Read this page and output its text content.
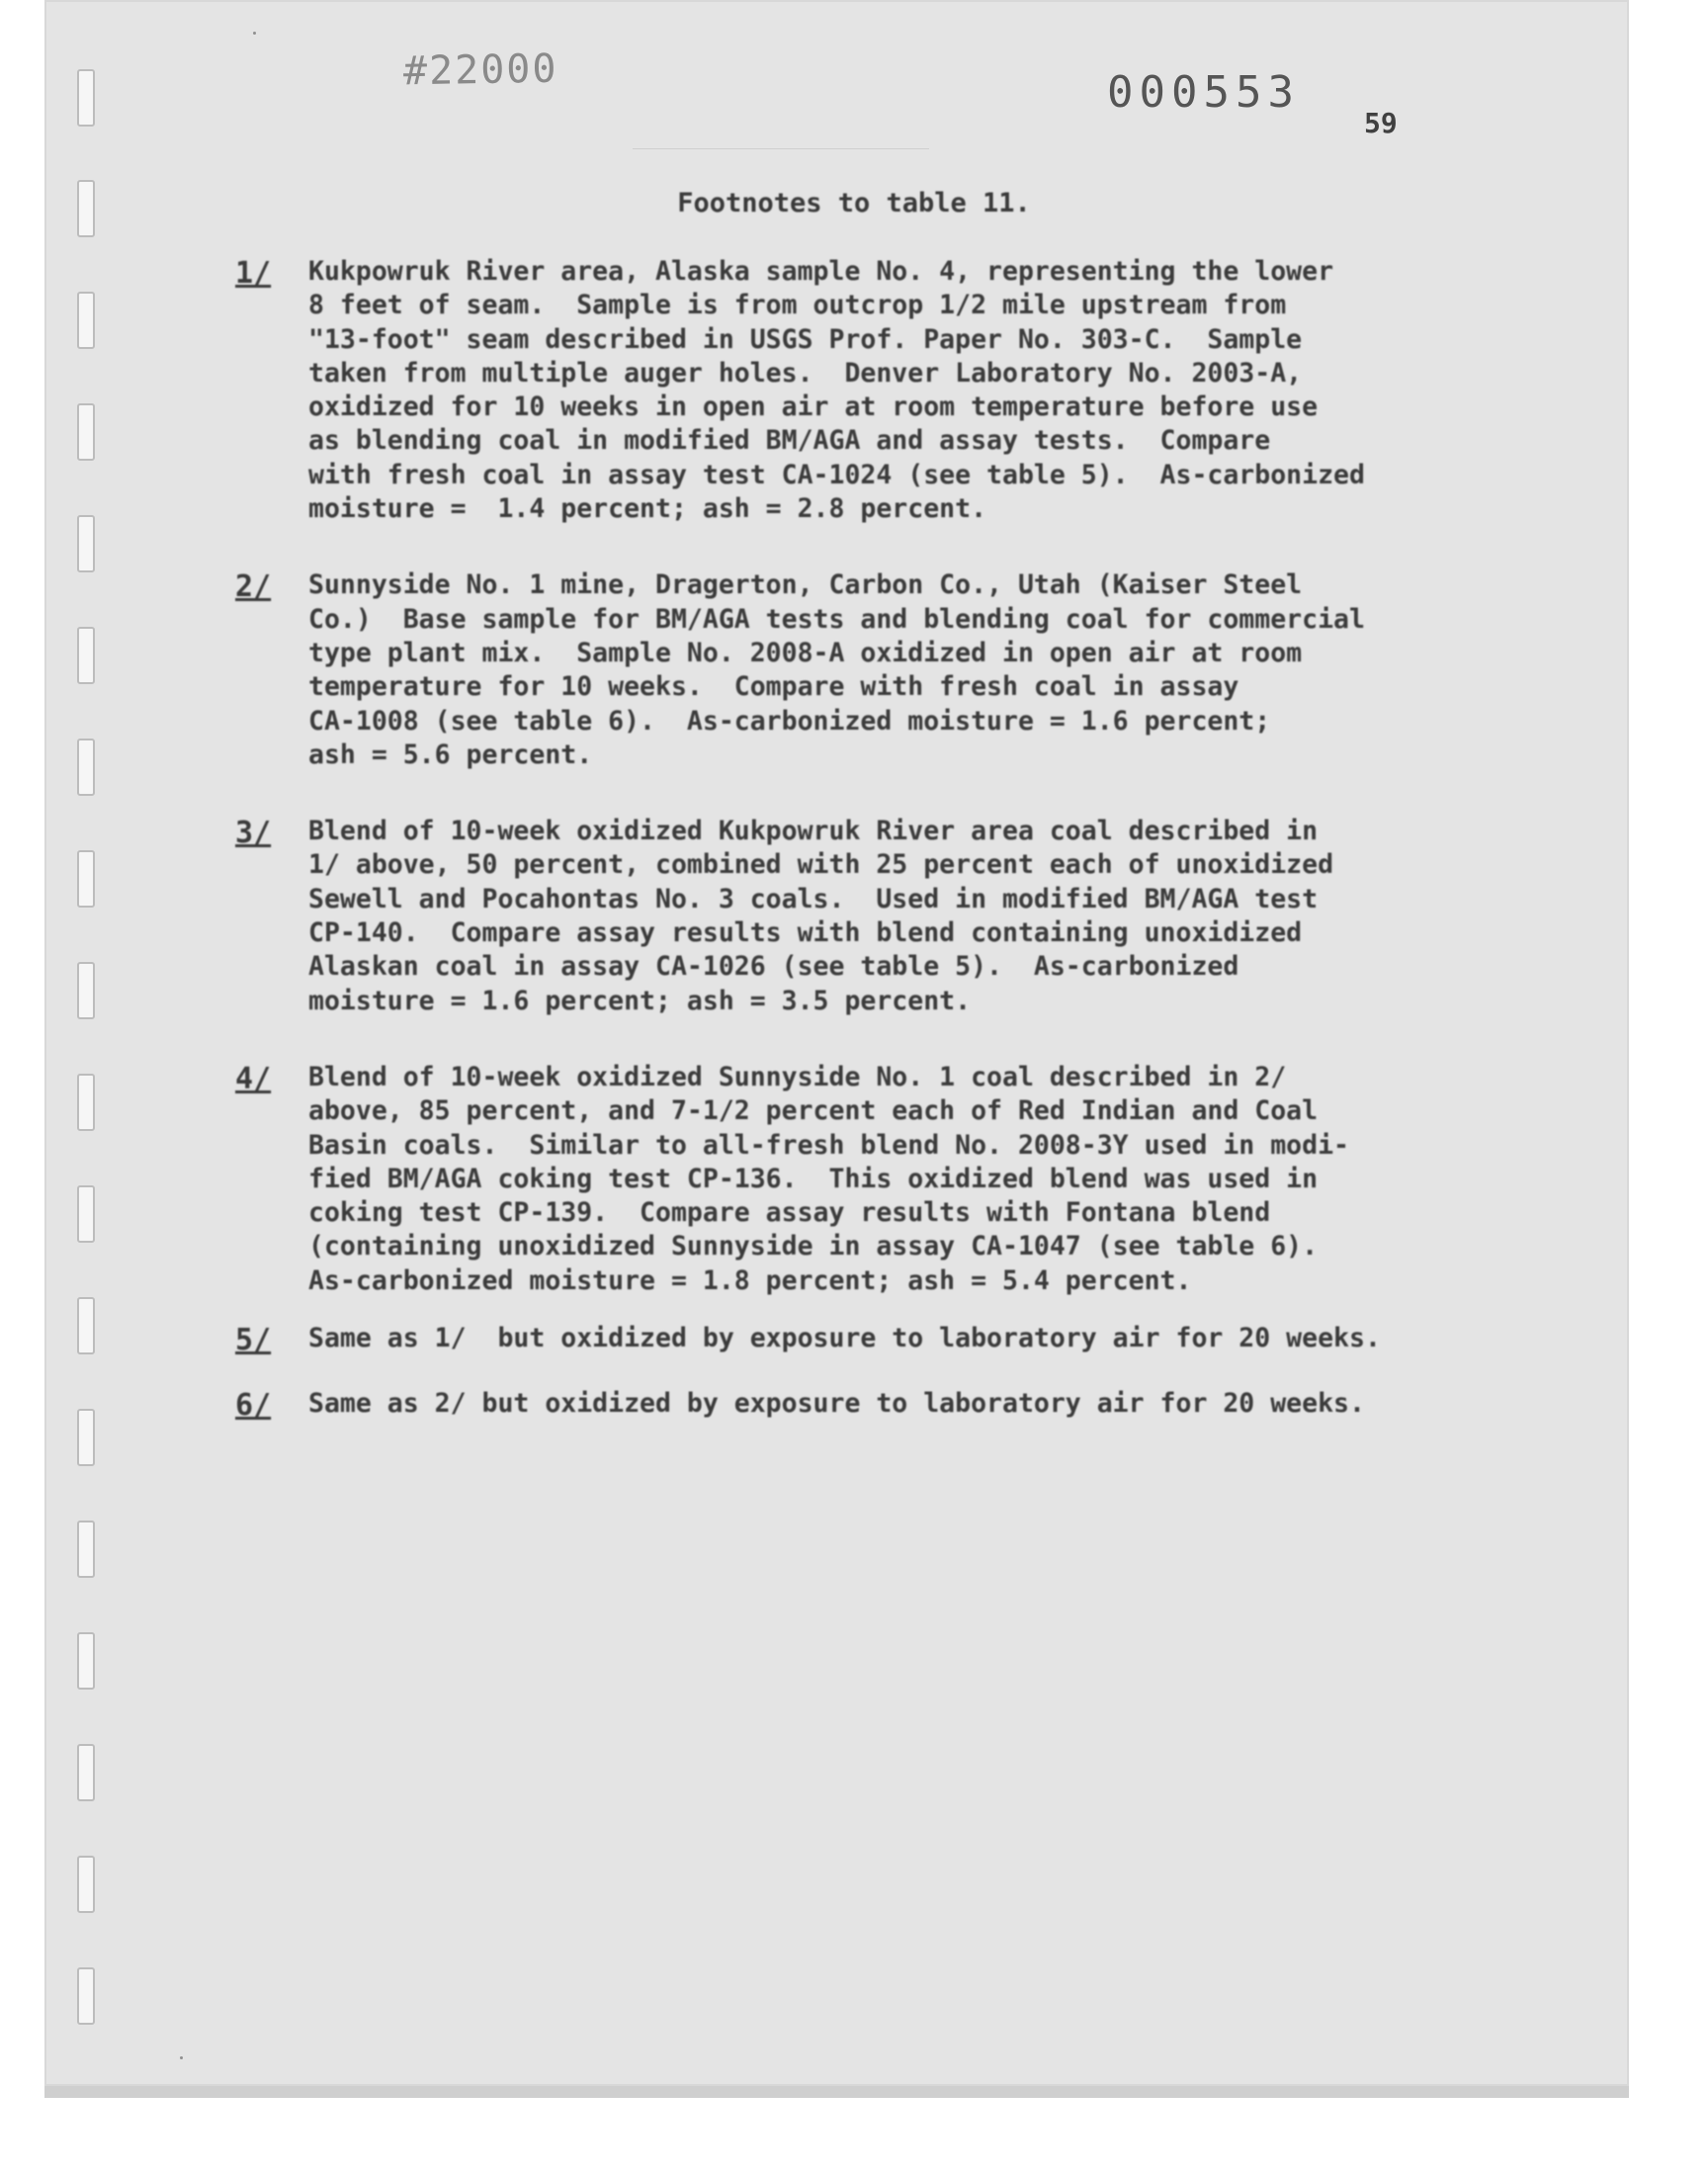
#22000	000553
59
Footnotes to table 11.
1/ Kukpowruk River area, Alaska sample No. 4, representing the lower
8 feet of seam.  Sample is from outcrop 1/2 mile upstream from
"13-foot" seam described in USGS Prof. Paper No. 303-C.  Sample
taken from multiple auger holes.  Denver Laboratory No. 2003-A,
oxidized for 10 weeks in open air at room temperature before use
as blending coal in modified BM/AGA and assay tests.  Compare
with fresh coal in assay test CA-1024 (see table 5).  As-carbonized
moisture =  1.4 percent; ash = 2.8 percent.
2/ Sunnyside No. 1 mine, Dragerton, Carbon Co., Utah (Kaiser Steel
Co.)  Base sample for BM/AGA tests and blending coal for commercial
type plant mix.  Sample No. 2008-A oxidized in open air at room
temperature for 10 weeks.  Compare with fresh coal in assay
CA-1008 (see table 6).  As-carbonized moisture = 1.6 percent;
ash = 5.6 percent.
3/ Blend of 10-week oxidized Kukpowruk River area coal described in
1/ above, 50 percent, combined with 25 percent each of unoxidized
Sewell and Pocahontas No. 3 coals.  Used in modified BM/AGA test
CP-140.  Compare assay results with blend containing unoxidized
Alaskan coal in assay CA-1026 (see table 5).  As-carbonized
moisture = 1.6 percent; ash = 3.5 percent.
4/ Blend of 10-week oxidized Sunnyside No. 1 coal described in 2/
above, 85 percent, and 7-1/2 percent each of Red Indian and Coal
Basin coals.  Similar to all-fresh blend No. 2008-3Y used in modi-
fied BM/AGA coking test CP-136.  This oxidized blend was used in
coking test CP-139.  Compare assay results with Fontana blend
(containing unoxidized Sunnyside in assay CA-1047 (see table 6).
As-carbonized moisture = 1.8 percent; ash = 5.4 percent.
5/ Same as 1/  but oxidized by exposure to laboratory air for 20 weeks.
6/ Same as 2/ but oxidized by exposure to laboratory air for 20 weeks.
